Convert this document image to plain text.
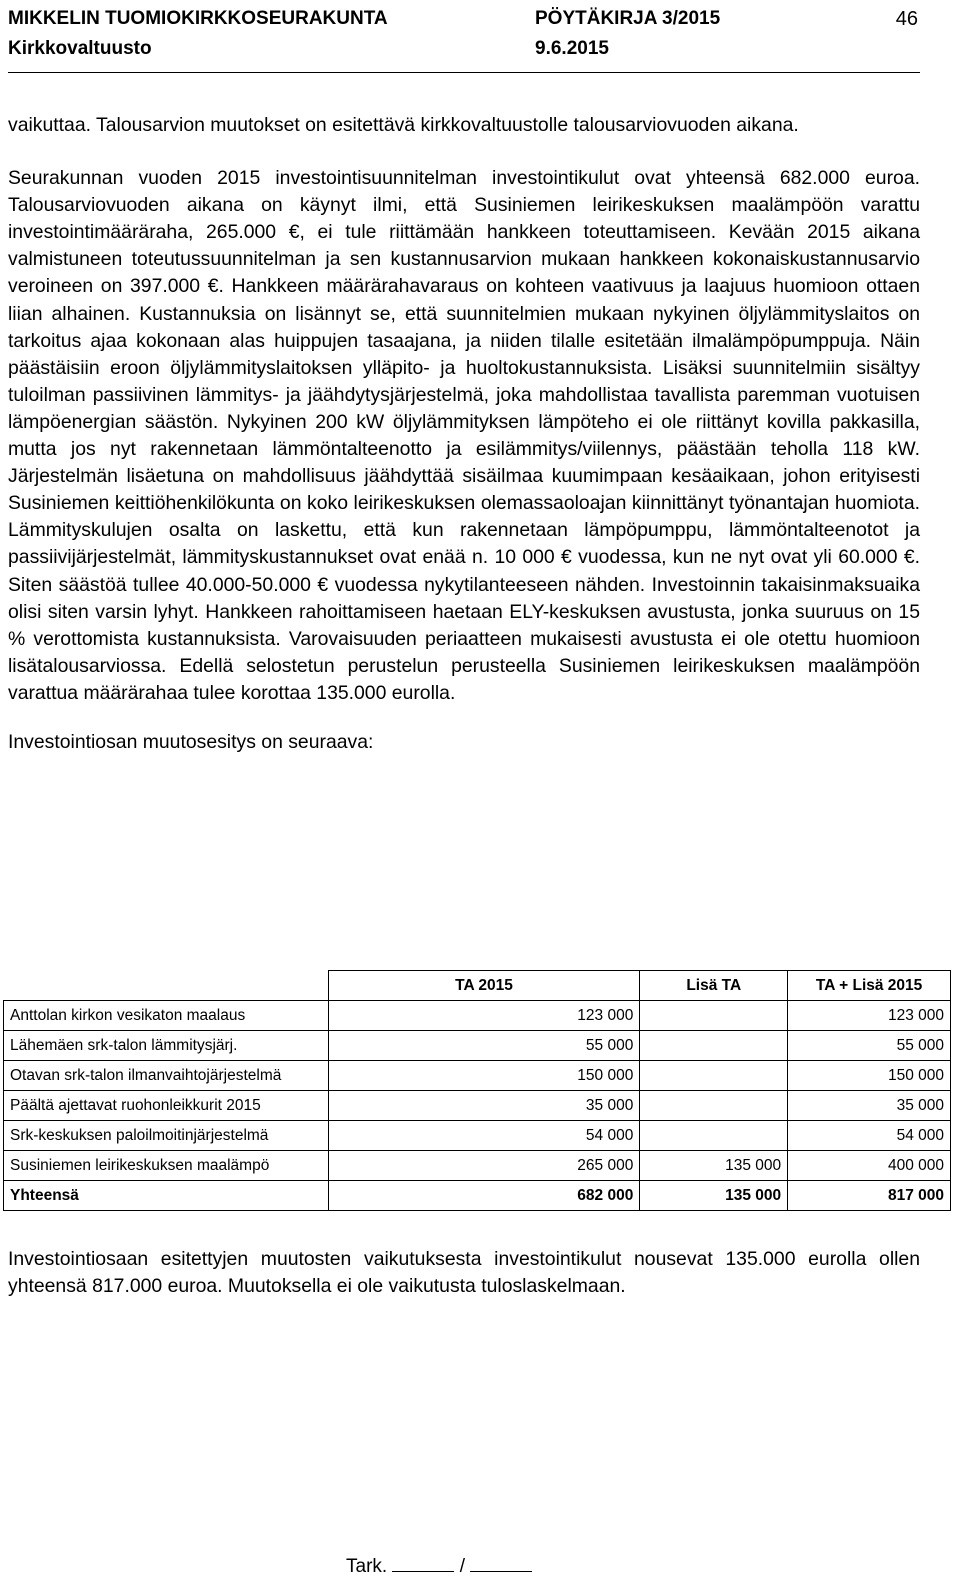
MIKKELIN TUOMIOKIRKKOSEURAKUNTA	PÖYTÄKIRJA 3/2015	46
Kirkkovaltuusto	9.6.2015

vaikuttaa. Talousarvion muutokset on esitettävä kirkkovaltuustolle talousarviovuoden aikana.

Seurakunnan vuoden 2015 investointisuunnitelman investointikulut ovat yhteensä 682.000 euroa. Talousarviovuoden aikana on käynyt ilmi, että Susiniemen leirikeskuksen maalämpöön varattu investointimääräraha, 265.000 €, ei tule riittämään hankkeen toteuttamiseen. Kevään 2015 aikana valmistuneen toteutussuunnitelman ja sen kustannusarvion mukaan hankkeen kokonaiskustannusarvio veroineen on 397.000 €. Hankkeen määrärahavaraus on kohteen vaativuus ja laajuus huomioon ottaen liian alhainen. Kustannuksia on lisännyt se, että suunnitelmien mukaan nykyinen öljylämmityslaitos on tarkoitus ajaa kokonaan alas huippujen tasaajana, ja niiden tilalle esitetään ilmalämpöpumppuja. Näin päästäisiin eroon öljylämmityslaitoksen ylläpito- ja huoltokustannuksista. Lisäksi suunnitelmiin sisältyy tuloilman passiivinen lämmitys- ja jäähdytysjärjestelmä, joka mahdollistaa tavallista paremman vuotuisen lämpöenergian säästön. Nykyinen 200 kW öljylämmityksen lämpöteho ei ole riittänyt kovilla pakkasilla, mutta jos nyt rakennetaan lämmöntalteenotto ja esilämmitys/viilennys, päästään teholla 118 kW. Järjestelmän lisäetuna on mahdollisuus jäähdyttää sisäilmaa kuumimpaan kesäaikaan, johon erityisesti Susiniemen keittiöhenkilökunta on koko leirikeskuksen olemassaoloajan kiinnittänyt työnantajan huomiota. Lämmityskulujen osalta on laskettu, että kun rakennetaan lämpöpumppu, lämmöntalteenotot ja passiivijärjestelmät, lämmityskustannukset ovat enää n. 10 000 € vuodessa, kun ne nyt ovat yli 60.000 €. Siten säästöä tullee 40.000-50.000 € vuodessa nykytilanteeseen nähden. Investoinnin takaisinmaksuaika olisi siten varsin lyhyt. Hankkeen rahoittamiseen haetaan ELY-keskuksen avustusta, jonka suuruus on 15 % verottomista kustannuksista. Varovaisuuden periaatteen mukaisesti avustusta ei ole otettu huomioon lisätalousarviossa. Edellä selostetun perustelun perusteella Susiniemen leirikeskuksen maalämpöön varattua määrärahaa tulee korottaa 135.000 eurolla.

Investointiosan muutosesitys on seuraava:

	TA 2015	Lisä TA	TA + Lisä 2015
Anttolan kirkon vesikaton maalaus	123 000		123 000
Lähemäen srk-talon lämmitysjärj.	55 000		55 000
Otavan srk-talon ilmanvaihtojärjestelmä	150 000		150 000
Päältä ajettavat ruohonleikkurit 2015	35 000		35 000
Srk-keskuksen paloilmoitinjärjestelmä	54 000		54 000
Susiniemen leirikeskuksen maalämpö	265 000	135 000	400 000
Yhteensä	682 000	135 000	817 000

Investointiosaan esitettyjen muutosten vaikutuksesta investointikulut nousevat 135.000 eurolla ollen yhteensä 817.000 euroa. Muutoksella ei ole vaikutusta tuloslaskelmaan.

Tark.	/
